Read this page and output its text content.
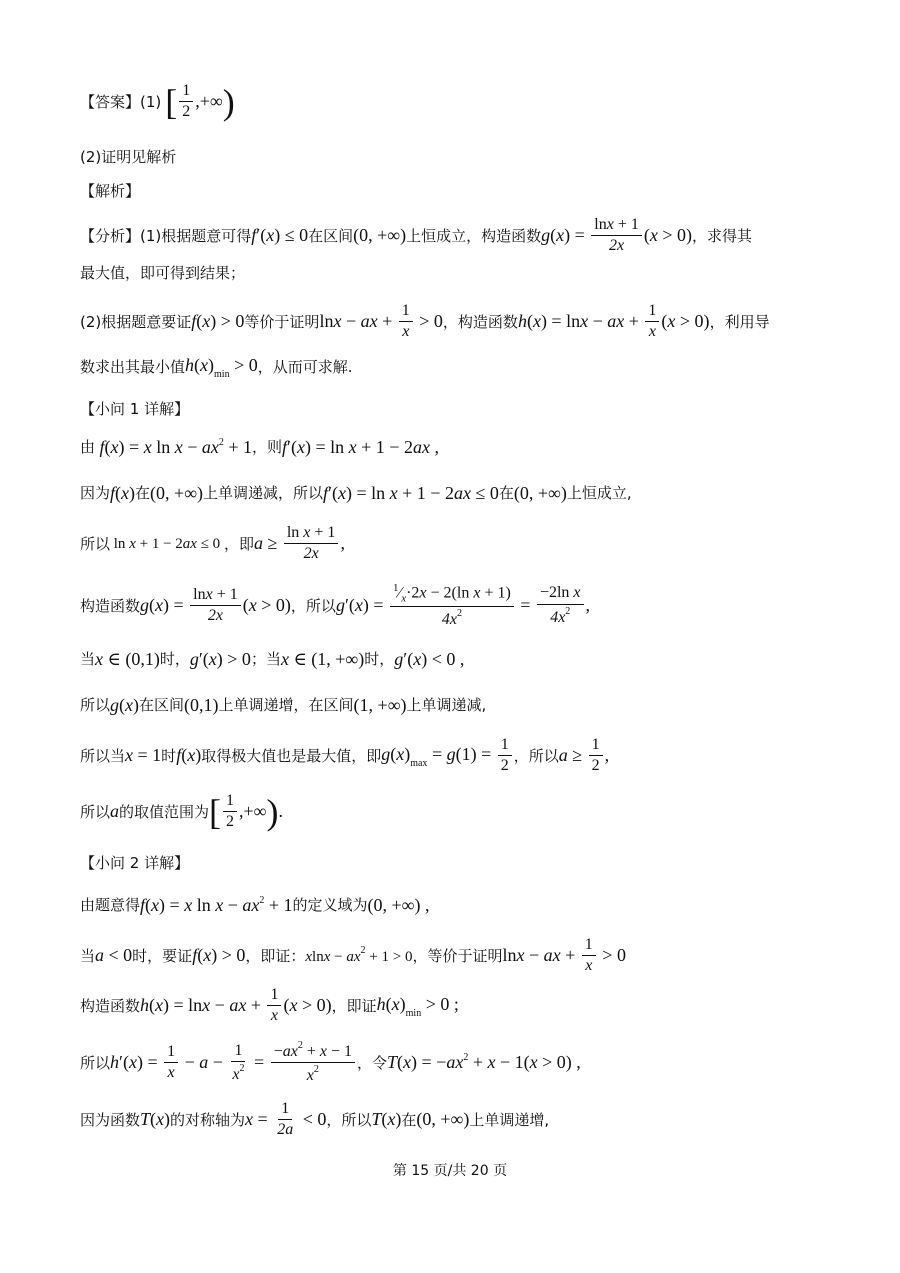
【答案】(1) [ $\frac{1}{2}$ ,+∞ )
(2)证明见解析
【解析】
【分析】(1)根据题意可得 f′(x) ≤ 0 在区间 (0, +∞) 上恒成立，构造函数 $g(x) = \frac{\ln x + 1}{2x} (x > 0)$ ，求得其
最大值，即可得到结果；
(2)根据题意要证 f(x) > 0 等价于证明 lnx − ax + $\frac{1}{x} > 0$ ，构造函数 h(x) = lnx − ax + $\frac{1}{x} (x > 0)$ ，利用导
数求出其最小值 $h(x)_{min} > 0$ ，从而可求解.
【小问 1 详解】
由 f(x) = x $\ln x - ax^2 + 1$ ，则 f′(x) = ln x + 1 − 2ax ,
因为 f(x) 在 (0, +∞) 上单调递减，所以 f′(x) = ln x + 1 − 2ax ≤ 0 在 (0, +∞) 上恒成立,
所以 ln x + 1 − 2ax ≤ 0 ，即 $a \ge \frac{\text{ln x + 1}}{2x}$ ,
构造函数 $g(x) = \frac{\ln x + 1}{2x} (x > 0)$ ，所以 $g'(x) = \frac{^1⁄_x\cdot 2x - 2(\ln x + 1)}{4x^2} = \frac{\text{−2ln x}}{4x^2}$ ,
当 x ∈ (0,1) 时， g′(x) > 0 ；当 x ∈ (1, +∞) 时， g′(x) < 0 ,
所以 g(x) 在区间 (0,1) 上单调递增，在区间 (1, +∞) 上单调递减,
所以当 x = 1 时 f(x) 取得极大值也是最大值，即 $g(x)_{max} = g(1) = \frac{1}{2}$ ，所以 $a \ge \frac{1}{2}$ ,
所以 a 的取值范围为 [ $\frac{1}{2}$ ,+∞ ) .
【小问 2 详解】
由题意得 f(x) = x $\ln x - ax^2 + 1$ 的定义域为 (0, +∞) ,
当 a < 0 时，要证 f(x) > 0 ，即证： $xlnx - ax^2 + 1 > 0$ ，等价于证明 lnx − ax + $\frac{1}{x} > 0$
构造函数 h(x) = lnx − ax + $\frac{1}{x} (x > 0)$ ，即证 $h(x)_{min} > 0$ ;
所以 $h'(x) = \frac{1}{x} - a - \frac{1}{x^2} = \frac{-ax^2 + x - 1}{x^2}$ ，令 $T(x) = -ax^2 + x - 1(x > 0)$ ,
因为函数 T(x) 的对称轴为 $x = \frac{1}{2a} < 0$ ，所以 T(x) 在 (0, +∞) 上单调递增,
第 15 页/共 20 页
